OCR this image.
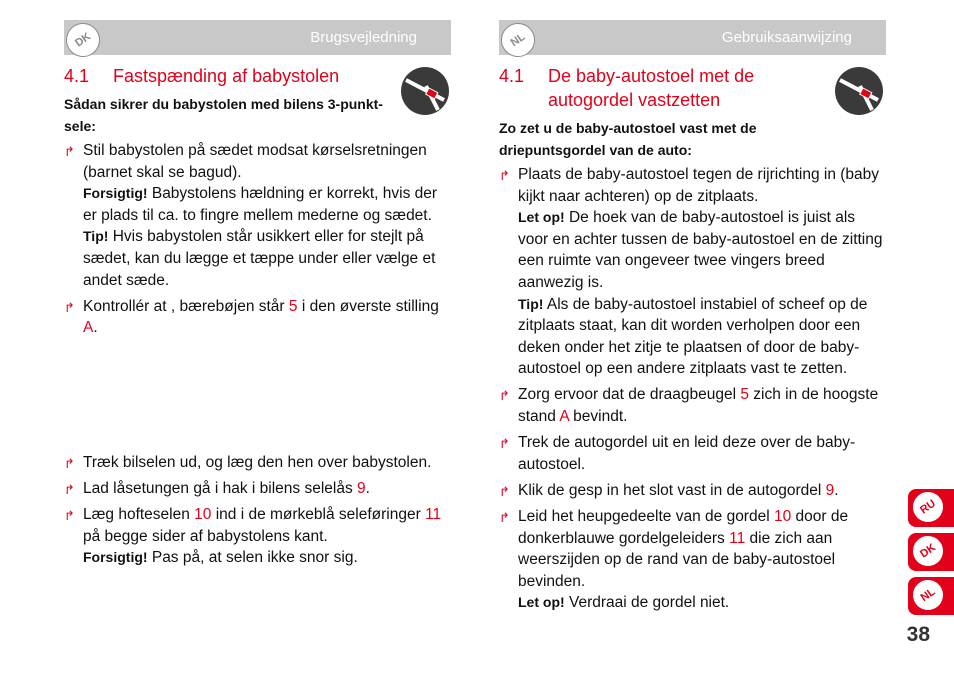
DK	Brugsvejledning
4.1	Fastspænding af babystolen
Sådan sikrer du babystolen med bilens 3-punkt-sele:
↱ Stil babystolen på sædet modsat kørselsretningen (barnet skal se bagud).
Forsigtig! Babystolens hældning er korrekt, hvis der er plads til ca. to fingre mellem mederne og sædet.
Tip! Hvis babystolen står usikkert eller for stejlt på sædet, kan du lægge et tæppe under eller vælge et andet sæde.
↱ Kontrollér at , bærebøjen står 5 i den øverste stilling A.
↱ Træk bilselen ud, og læg den hen over babystolen.
↱ Lad låsetungen gå i hak i bilens selelås 9.
↱ Læg hofteselen 10 ind i de mørkeblå seleføringer 11 på begge sider af babystolens kant.
Forsigtig! Pas på, at selen ikke snor sig.
NL	Gebruiksaanwijzing
4.1	De baby-autostoel met de autogordel vastzetten
Zo zet u de baby-autostoel vast met de driepuntsgordel van de auto:
↱ Plaats de baby-autostoel tegen de rijrichting in (baby kijkt naar achteren) op de zitplaats.
Let op! De hoek van de baby-autostoel is juist als voor en achter tussen de baby-autostoel en de zitting een ruimte van ongeveer twee vingers breed aanwezig is.
Tip! Als de baby-autostoel instabiel of scheef op de zitplaats staat, kan dit worden verholpen door een deken onder het zitje te plaatsen of door de baby-autostoel op een andere zitplaats vast te zetten.
↱ Zorg ervoor dat de draagbeugel 5 zich in de hoogste stand A bevindt.
↱ Trek de autogordel uit en leid deze over de baby-autostoel.
↱ Klik de gesp in het slot vast in de autogordel 9.
↱ Leid het heupgedeelte van de gordel 10 door de donkerblauwe gordelgeleiders 11 die zich aan weerszijden op de rand van de baby-autostoel bevinden.
Let op! Verdraai de gordel niet.
RU
DK
NL
38
